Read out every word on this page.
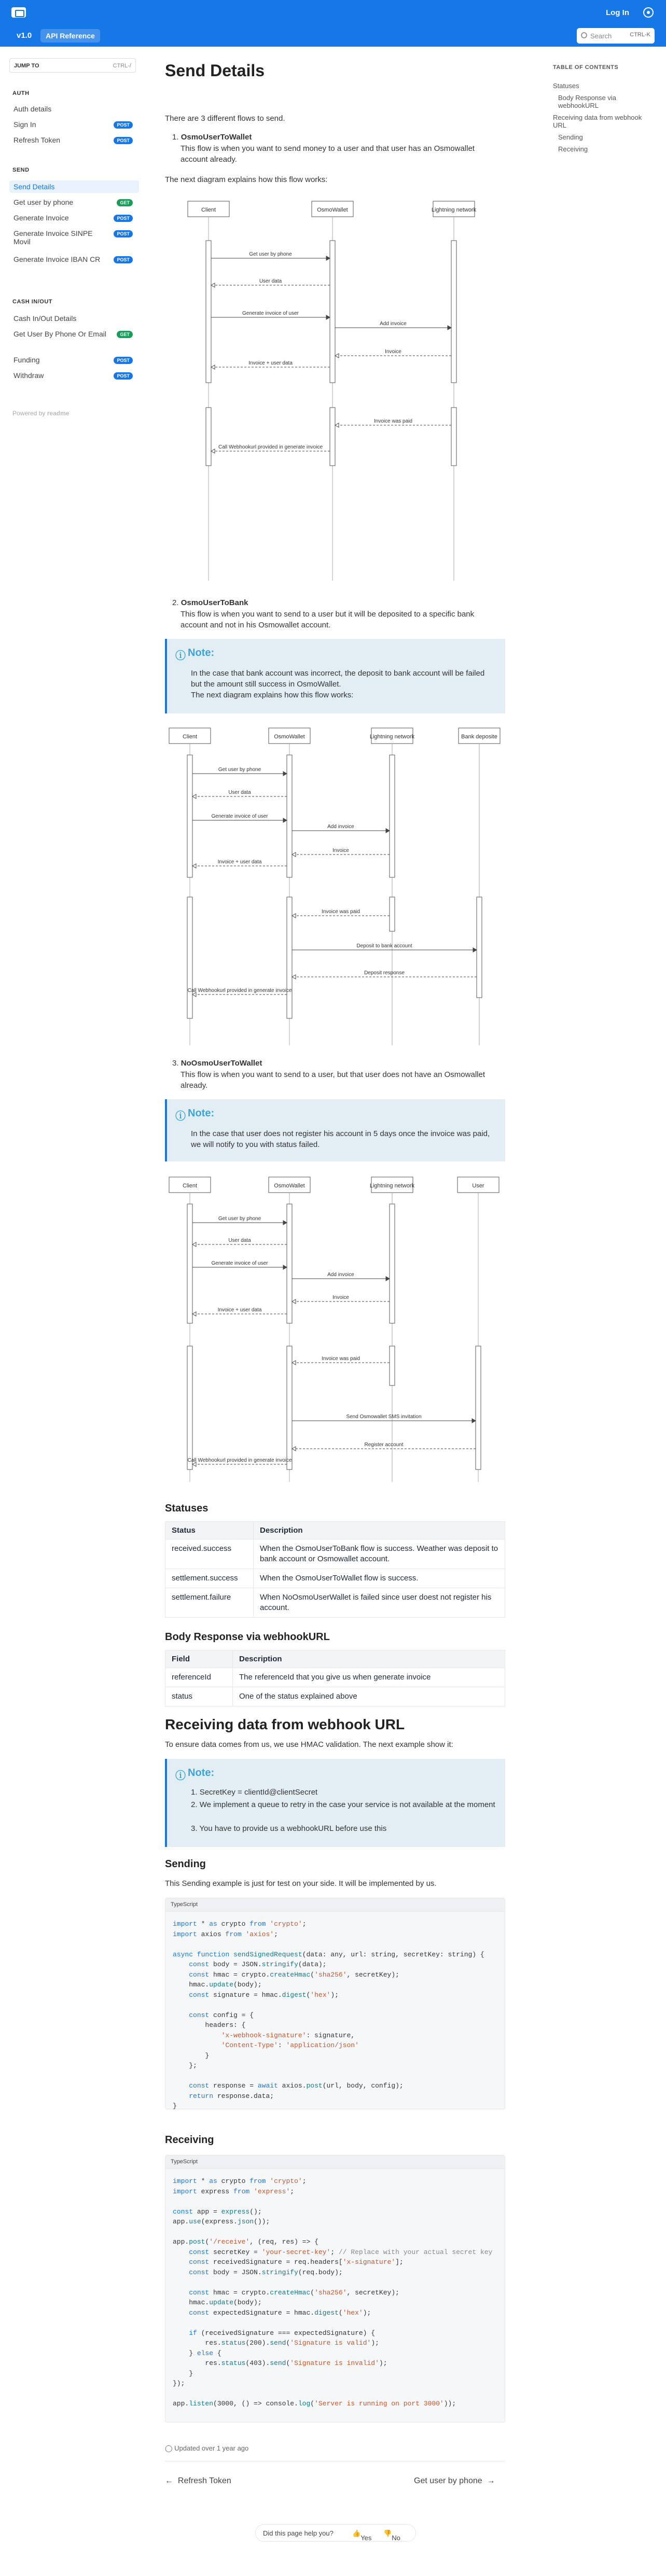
Log In
v1.0	API Reference	Search	CTRL-K
JUMP TO	CTRL-/
AUTH
Auth details
Sign In	POST
Refresh Token	POST
SEND
Send Details
Get user by phone	GET
Generate Invoice	POST
Generate Invoice SINPE Movil
POST
Generate Invoice IBAN CR	POST
CASH IN/OUT
Cash In/Out Details
Get User By Phone Or Email	GET
Funding	POST
Withdraw	POST
Powered by readme
TABLE OF CONTENTS
Statuses
Body Response via webhookURL
Receiving data from webhook URL
Sending
Receiving
Send Details
There are 3 different flows to send.
1. OsmoUserToWallet
This flow is when you want to send money to a user and that user has an Osmowallet account already.
The next diagram explains how this flow works:
Client	OsmoWallet	Lightning network
Get user by phone
User data
Generate invoice of user
Add invoice
Invoice
Invoice + user data
Invoice was paid
Call Webhookurl provided in generate invoice
2. OsmoUserToBank
This flow is when you want to send to a user but it will be deposited to a specific bank account and not in his Osmowallet account.
ⓘ Note:
In the case that bank account was incorrect, the deposit to bank account will be failed but the amount still success in OsmoWallet.
The next diagram explains how this flow works:
Client	OsmoWallet	Lightning network	Bank deposite
Get user by phone
User data
Generate invoice of user
Add invoice
Invoice
Invoice + user data
Invoice was paid
Deposit to bank account
Deposit response
Call Webhookurl provided in generate invoice
3. NoOsmoUserToWallet
This flow is when you want to send to a user, but that user does not have an Osmowallet already.
ⓘ Note:
In the case that user does not register his account in 5 days once the invoice was paid, we will notify to you with status failed.
Client	OsmoWallet	Lightning network	User
Get user by phone
User data
Generate invoice of user
Add invoice
Invoice
Invoice + user data
Invoice was paid
Send Osmowallet SMS invitation
Register account
Call Webhookurl provided in generate invoice
Statuses
Status	Description
received.success	When the OsmoUserToBank flow is success. Weather was deposit to bank account or Osmowallet account.
settlement.success	When the OsmoUserToWallet flow is success.
settlement.failure	When NoOsmoUserWallet is failed since user doest not register his account.
Body Response via webhookURL
Field	Description
referenceId	The referenceId that you give us when generate invoice
status	One of the status explained above
Receiving data from webhook URL
To ensure data comes from us, we use HMAC validation. The next example show it:
ⓘ Note:
1. SecretKey = clientId@clientSecret
2. We implement a queue to retry in the case your service is not available at the moment
3. You have to provide us a webhookURL before use this
Sending
This Sending example is just for test on your side. It will be implemented by us.
TypeScript
import * as crypto from 'crypto';
import axios from 'axios';

async function sendSignedRequest(data: any, url: string, secretKey: string) {
const body = JSON.stringify(data);
const hmac = crypto.createHmac('sha256', secretKey);
hmac.update(body);
const signature = hmac.digest('hex');

const config = {
headers: {
'x-webhook-signature': signature,
'Content-Type': 'application/json'
}
};

const response = await axios.post(url, body, config);
return response.data;
}
Receiving
TypeScript
import * as crypto from 'crypto';
import express from 'express';

const app = express();
app.use(express.json());

app.post('/receive', (req, res) => {
const secretKey = 'your-secret-key'; // Replace with your actual secret key
const receivedSignature = req.headers['x-signature'];
const body = JSON.stringify(req.body);

const hmac = crypto.createHmac('sha256', secretKey);
hmac.update(body);
const expectedSignature = hmac.digest('hex');

if (receivedSignature === expectedSignature) {
res.status(200).send('Signature is valid');
} else {
res.status(403).send('Signature is invalid');
}
});

app.listen(3000, () => console.log('Server is running on port 3000'));
◯ Updated over 1 year ago
←  Refresh Token	Get user by phone  →
Did this page help you?	👍
Yes
👎
No
